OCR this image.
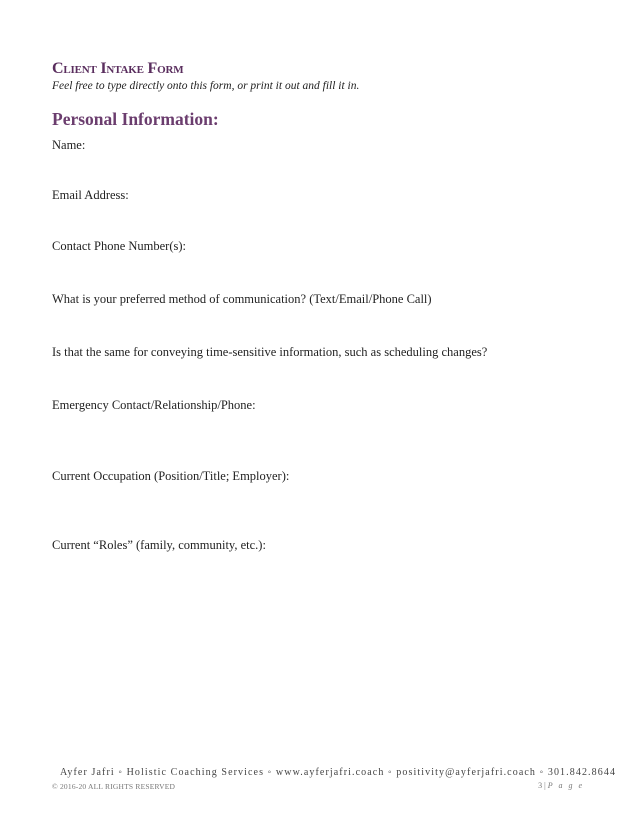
Client Intake Form
Feel free to type directly onto this form, or print it out and fill it in.
Personal Information:
Name:
Email Address:
Contact Phone Number(s):
What is your preferred method of communication? (Text/Email/Phone Call)
Is that the same for conveying time-sensitive information, such as scheduling changes?
Emergency Contact/Relationship/Phone:
Current Occupation (Position/Title; Employer):
Current “Roles” (family, community, etc.):
Ayfer Jafri ◦ Holistic Coaching Services ◦ www.ayferjafri.coach ◦ positivity@ayferjafri.coach ◦ 301.842.8644
© 2016-20 ALL RIGHTS RESERVED	3 | P a g e
